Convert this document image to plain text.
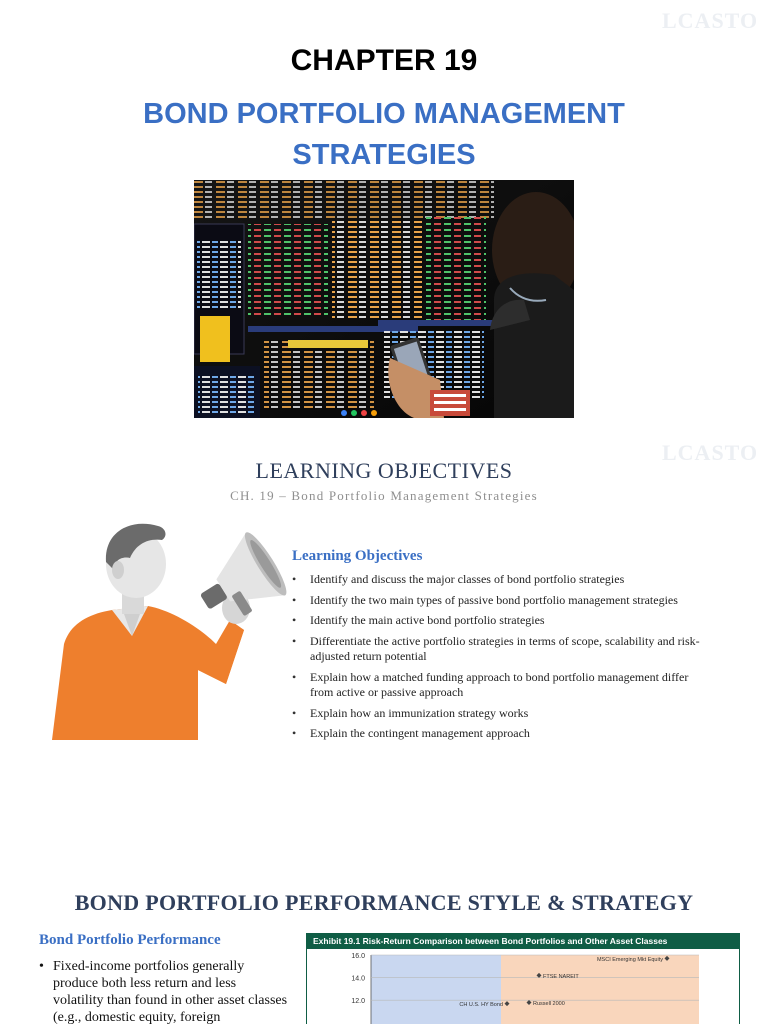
LCASTO
CHAPTER 19
BOND PORTFOLIO MANAGEMENT
STRATEGIES
LCASTO
LEARNING OBJECTIVES
CH. 19 – Bond Portfolio Management Strategies
Learning Objectives
• Identify and discuss the major classes of bond portfolio strategies
• Identify the two main types of passive bond portfolio management strategies
• Identify the main active bond portfolio strategies
• Differentiate the active portfolio strategies in terms of scope, scalability and risk-adjusted return potential
• Explain how a matched funding approach to bond portfolio management differ from active or passive approach
• Explain how an immunization strategy works
• Explain the contingent management approach
BOND PORTFOLIO PERFORMANCE STYLE & STRATEGY
Bond Portfolio Performance
• Fixed-income portfolios generally produce both less return and less volatility than found in other asset classes (e.g., domestic equity, foreign
Exhibit 19.1 Risk-Return Comparison between Bond Portfolios and Other Asset Classes
16.0
14.0
12.0
MSCI Emerging Mkt Equity
FTSE NAREIT
CH U.S. HY Bond	Russell 2000
